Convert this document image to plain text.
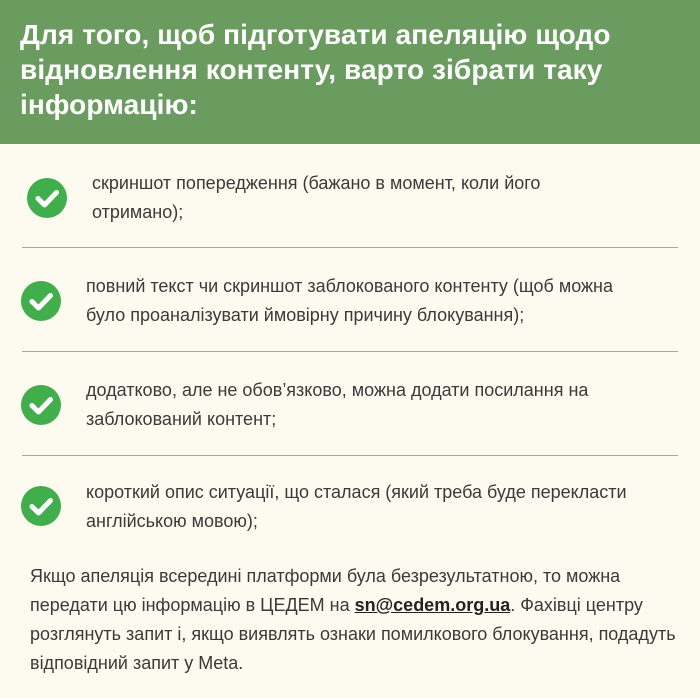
Для того, щоб підготувати апеляцію щодо відновлення контенту, варто зібрати таку інформацію:
скриншот попередження (бажано в момент, коли його
отримано);
повний текст чи скриншот заблокованого контенту (щоб можна
було проаналізувати ймовірну причину блокування);
додатково, але не обов’язково, можна додати посилання на
заблокований контент;
короткий опис ситуації, що сталася (який треба буде перекласти
англійською мовою);
Якщо апеляція всередині платформи була безрезультатною, то можна передати цю інформацію в ЦЕДЕМ на sn@cedem.org.ua. Фахівці центру розглянуть запит і, якщо виявлять ознаки помилкового блокування, подадуть відповідний запит у Meta.
